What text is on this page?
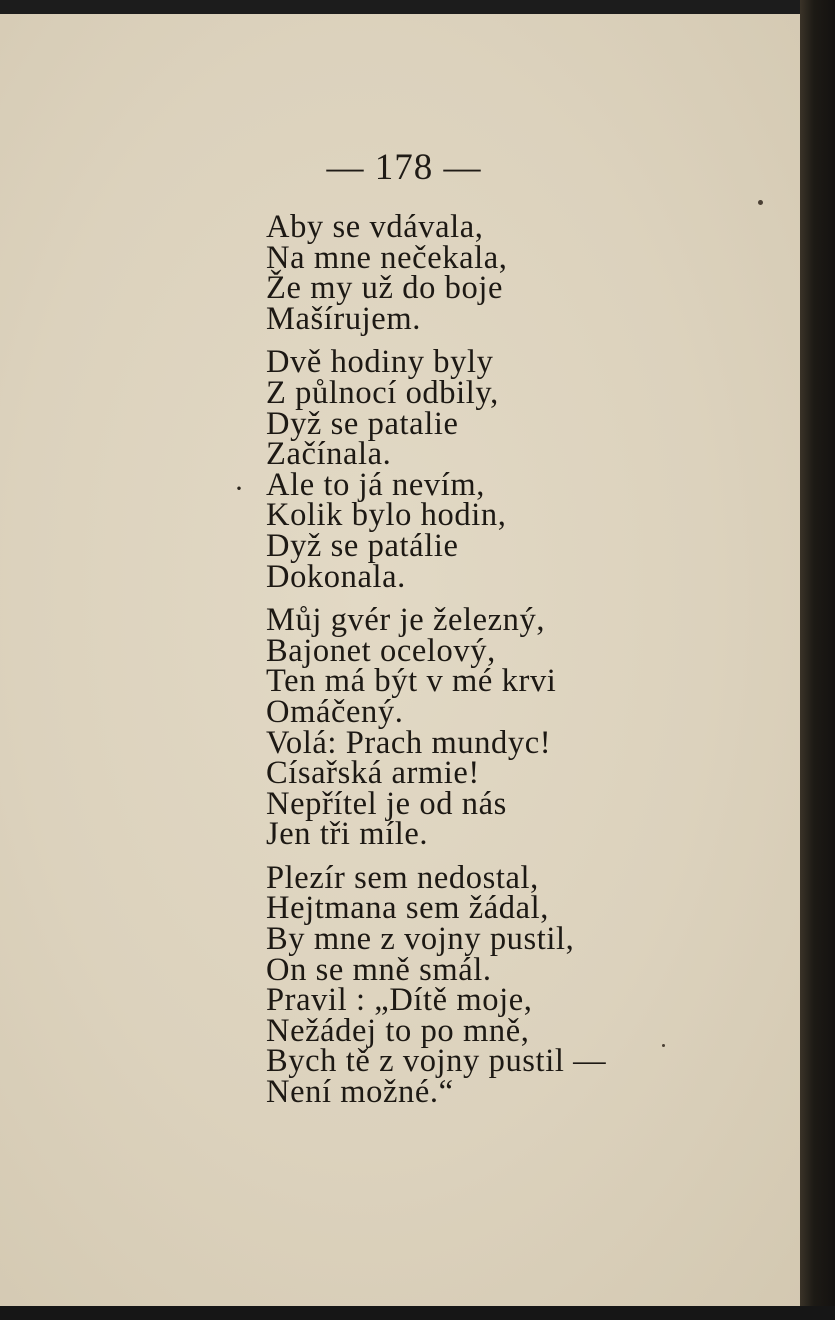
— 178 —
·
Aby se vdávala,
Na mne nečekala,
Že my už do boje
Mašírujem.
Dvě hodiny byly
Z půlnocí odbily,
Dyž se patalie
Začínala.
Ale to já nevím,
Kolik bylo hodin,
Dyž se patálie
Dokonala.
Můj gvér je železný,
Bajonet ocelový,
Ten má být v mé krvi
Omáčený.
Volá: Prach mundyc!
Císařská armie!
Nepřítel je od nás
Jen tři míle.
Plezír sem nedostal,
Hejtmana sem žádal,
By mne z vojny pustil,
On se mně smál.
Pravil : „Dítě moje,
Nežádej to po mně,
Bych tě z vojny pustil —
Není možné.“
